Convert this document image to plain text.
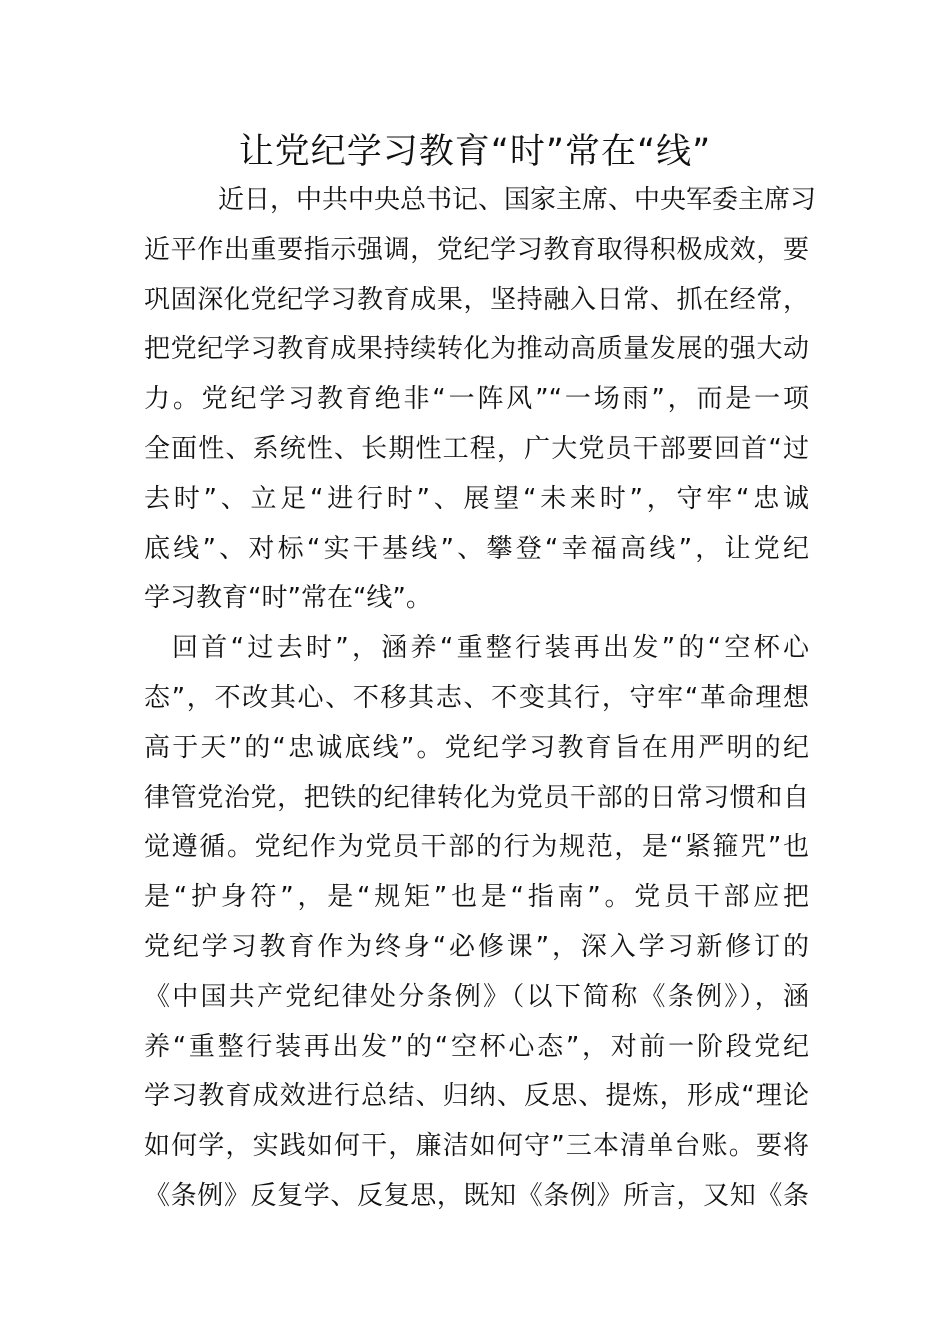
让党纪学习教育“时”常在“线”
近日，中共中央总书记、国家主席、中央军委主席习
近平作出重要指示强调，党纪学习教育取得积极成效，要
巩固深化党纪学习教育成果，坚持融入日常、抓在经常，
把党纪学习教育成果持续转化为推动高质量发展的强大动
力。党纪学习教育绝非“一阵风”“一场雨”，而是一项
全面性、系统性、长期性工程，广大党员干部要回首“过
去时”、立足“进行时”、展望“未来时”，守牢“忠诚
底线”、对标“实干基线”、攀登“幸福高线”，让党纪
学习教育“时”常在“线”。
回首“过去时”，涵养“重整行装再出发”的“空杯心
态”，不改其心、不移其志、不变其行，守牢“革命理想
高于天”的“忠诚底线”。党纪学习教育旨在用严明的纪
律管党治党，把铁的纪律转化为党员干部的日常习惯和自
觉遵循。党纪作为党员干部的行为规范，是“紧箍咒”也
是“护身符”，是“规矩”也是“指南”。党员干部应把
党纪学习教育作为终身“必修课”，深入学习新修订的
《中国共产党纪律处分条例》（以下简称《条例》），涵
养“重整行装再出发”的“空杯心态”，对前一阶段党纪
学习教育成效进行总结、归纳、反思、提炼，形成“理论
如何学，实践如何干，廉洁如何守”三本清单台账。要将
《条例》反复学、反复思，既知《条例》所言，又知《条
